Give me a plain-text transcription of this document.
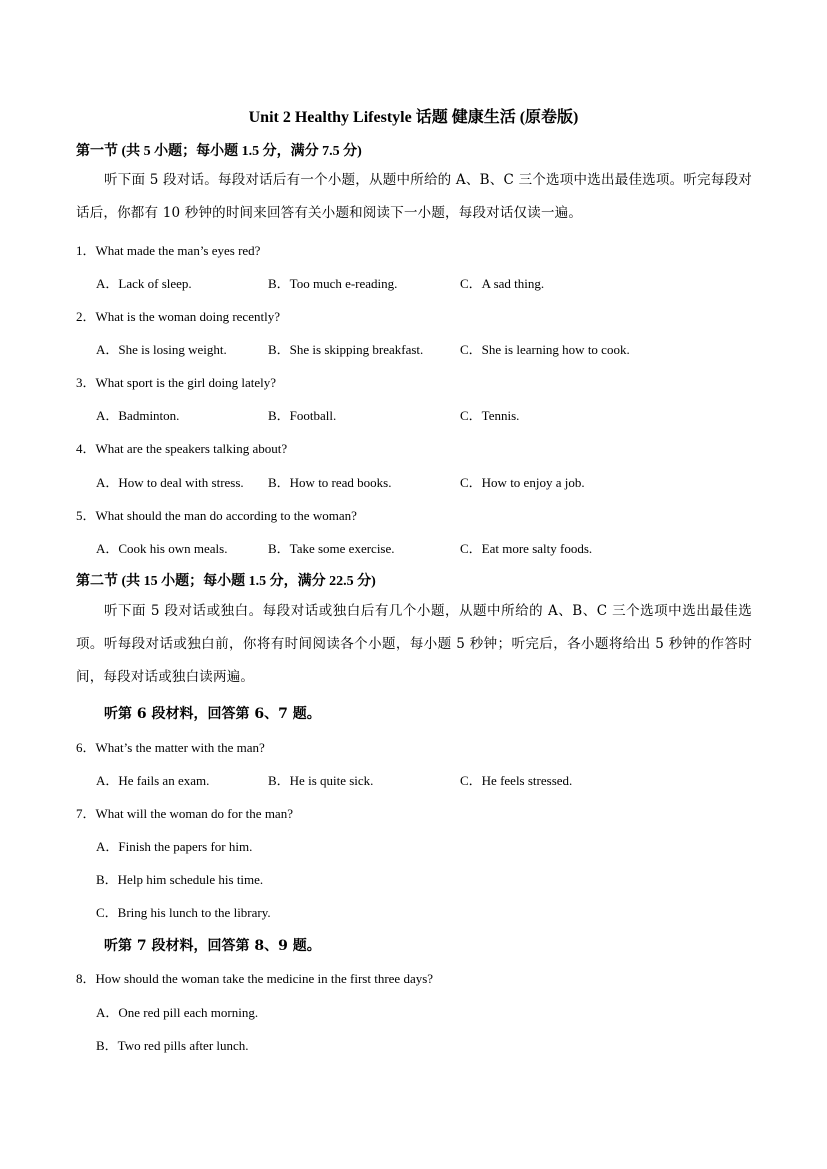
Unit 2 Healthy Lifestyle 话题 健康生活 (原卷版)
第一节 (共 5 小题；每小题 1.5 分，满分 7.5 分)
听下面 5 段对话。每段对话后有一个小题，从题中所给的 A、B、C 三个选项中选出最佳选项。听完每段对话后，你都有 10 秒钟的时间来回答有关小题和阅读下一小题，每段对话仅读一遍。
1．What made the man’s eyes red?
A．Lack of sleep.	B．Too much e-reading.	C．A sad thing.
2．What is the woman doing recently?
A．She is losing weight.	B．She is skipping breakfast.	C．She is learning how to cook.
3．What sport is the girl doing lately?
A．Badminton.	B．Football.	C．Tennis.
4．What are the speakers talking about?
A．How to deal with stress. B．How to read books.	C．How to enjoy a job.
5．What should the man do according to the woman?
A．Cook his own meals.	B．Take some exercise.	C．Eat more salty foods.
第二节 (共 15 小题；每小题 1.5 分，满分 22.5 分)
听下面 5 段对话或独白。每段对话或独白后有几个小题，从题中所给的 A、B、C 三个选项中选出最佳选项。听每段对话或独白前，你将有时间阅读各个小题，每小题 5 秒钟；听完后，各小题将给出 5 秒钟的作答时间，每段对话或独白读两遍。
听第 6 段材料，回答第 6、7 题。
6．What’s the matter with the man?
A．He fails an exam.	B．He is quite sick.	C．He feels stressed.
7．What will the woman do for the man?
A．Finish the papers for him.
B．Help him schedule his time.
C．Bring his lunch to the library.
听第 7 段材料，回答第 8、9 题。
8．How should the woman take the medicine in the first three days?
A．One red pill each morning.
B．Two red pills after lunch.
